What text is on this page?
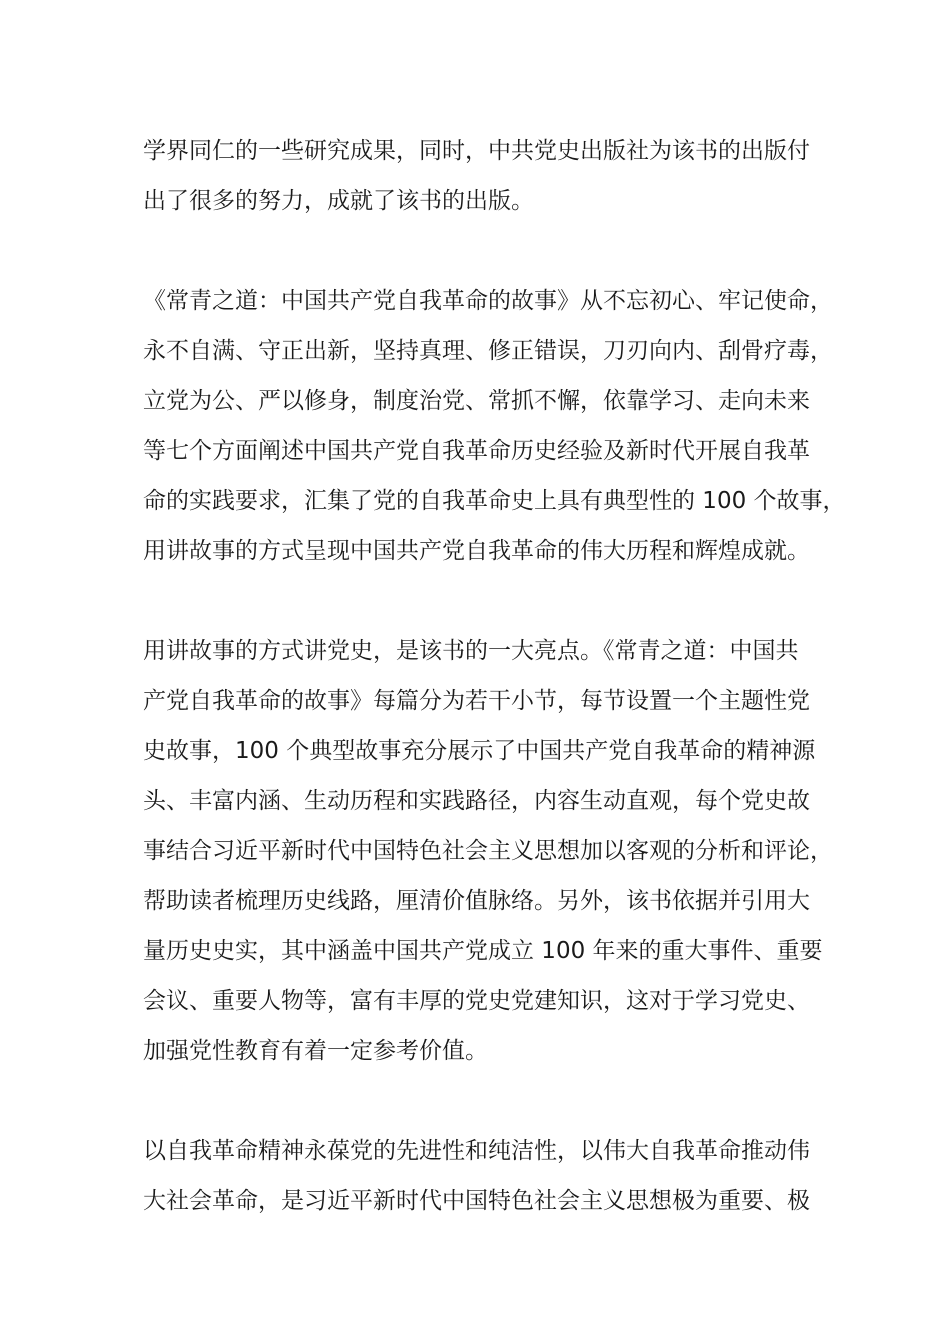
学界同仁的一些研究成果，同时，中共党史出版社为该书的出版付
出了很多的努力，成就了该书的出版。
《常青之道：中国共产党自我革命的故事》从不忘初心、牢记使命，
永不自满、守正出新，坚持真理、修正错误，刀刃向内、刮骨疗毒，
立党为公、严以修身，制度治党、常抓不懈，依靠学习、走向未来
等七个方面阐述中国共产党自我革命历史经验及新时代开展自我革
命的实践要求，汇集了党的自我革命史上具有典型性的 100 个故事，
用讲故事的方式呈现中国共产党自我革命的伟大历程和辉煌成就。
用讲故事的方式讲党史，是该书的一大亮点。《常青之道：中国共
产党自我革命的故事》每篇分为若干小节，每节设置一个主题性党
史故事，100 个典型故事充分展示了中国共产党自我革命的精神源
头、丰富内涵、生动历程和实践路径，内容生动直观，每个党史故
事结合习近平新时代中国特色社会主义思想加以客观的分析和评论，
帮助读者梳理历史线路，厘清价值脉络。另外，该书依据并引用大
量历史史实，其中涵盖中国共产党成立 100 年来的重大事件、重要
会议、重要人物等，富有丰厚的党史党建知识，这对于学习党史、
加强党性教育有着一定参考价值。
以自我革命精神永葆党的先进性和纯洁性，以伟大自我革命推动伟
大社会革命，是习近平新时代中国特色社会主义思想极为重要、极
